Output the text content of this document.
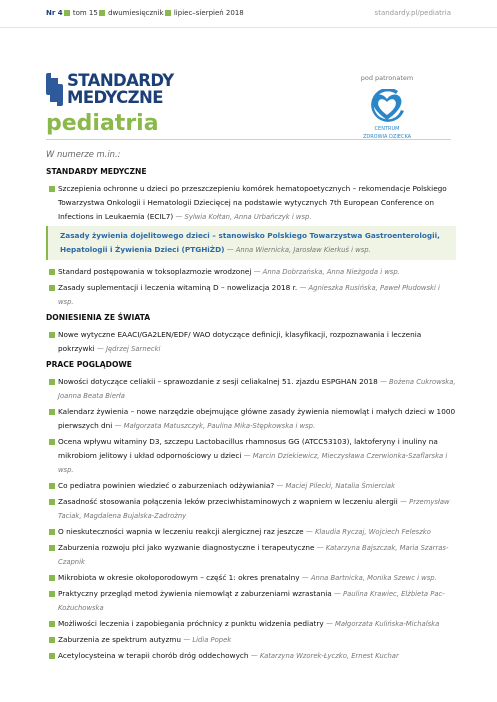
Nr 4 tom 15 dwumiesięcznik lipiec–sierpień 2018	standardy.pl/pediatria
STANDARDY
MEDYCZNE
pediatria
pod patronatem
CENTRUM
ZDROWIA DZIECKA
W numerze m.in.:
STANDARDY MEDYCZNE
Szczepienia ochronne u dzieci po przeszczepieniu komórek hematopoetycznych – rekomendacje Polskiego Towarzystwa Onkologii i Hematologii Dziecięcej na podstawie wytycznych 7th European Conference on Infections in Leukaemia (ECIL7) — Sylwia Kołtan, Anna Urbańczyk i wsp.
Zasady żywienia dojelitowego dzieci – stanowisko Polskiego Towarzystwa Gastroenterologii, Hepatologii i Żywienia Dzieci (PTGHiŻD) — Anna Wiernicka, Jarosław Kierkuś i wsp.
Standard postępowania w toksoplazmozie wrodzonej — Anna Dobrzańska, Anna Nieżgoda i wsp.
Zasady suplementacji i leczenia witaminą D – nowelizacja 2018 r. — Agnieszka Rusińska, Paweł Płudowski i wsp.
DONIESIENIA ZE ŚWIATA
Nowe wytyczne EAACI/GA2LEN/EDF/ WAO dotyczące definicji, klasyfikacji, rozpoznawania i leczenia pokrzywki — Jędrzej Sarnecki
PRACE POGLĄDOWE
Nowości dotyczące celiakii – sprawozdanie z sesji celiakalnej 51. zjazdu ESPGHAN 2018 — Bożena Cukrowska, Joanna Beata Bierła
Kalendarz żywienia – nowe narzędzie obejmujące główne zasady żywienia niemowląt i małych dzieci w 1000 pierwszych dni — Małgorzata Matuszczyk, Paulina Mika-Stępkowska i wsp.
Ocena wpływu witaminy D3, szczepu Lactobacillus rhamnosus GG (ATCC53103), laktoferyny i inuliny na mikrobiom jelitowy i układ odpornościowy u dzieci — Marcin Dziekiewicz, Mieczysława Czerwionka-Szaflarska i wsp.
Co pediatra powinien wiedzieć o zaburzeniach odżywiania? — Maciej Pilecki, Natalia Śmierciak
Zasadność stosowania połączenia leków przeciwhistaminowych z wapniem w leczeniu alergii — Przemysław Taciak, Magdalena Bujalska-Zadrożny
O nieskuteczności wapnia w leczeniu reakcji alergicznej raz jeszcze — Klaudia Ryczaj, Wojciech Feleszko
Zaburzenia rozwoju płci jako wyzwanie diagnostyczne i terapeutyczne — Katarzyna Bajszczak, Maria Szarras-Czapnik
Mikrobiota w okresie okołoporodowym – część 1: okres prenatalny — Anna Bartnicka, Monika Szewc i wsp.
Praktyczny przegląd metod żywienia niemowląt z zaburzeniami wzrastania — Paulina Krawiec, Elżbieta Pac-Kożuchowska
Możliwości leczenia i zapobiegania próchnicy z punktu widzenia pediatry — Małgorzata Kulińska-Michalska
Zaburzenia ze spektrum autyzmu — Lidia Popek
Acetylocysteina w terapii chorób dróg oddechowych — Katarzyna Wzorek-Łyczko, Ernest Kuchar
